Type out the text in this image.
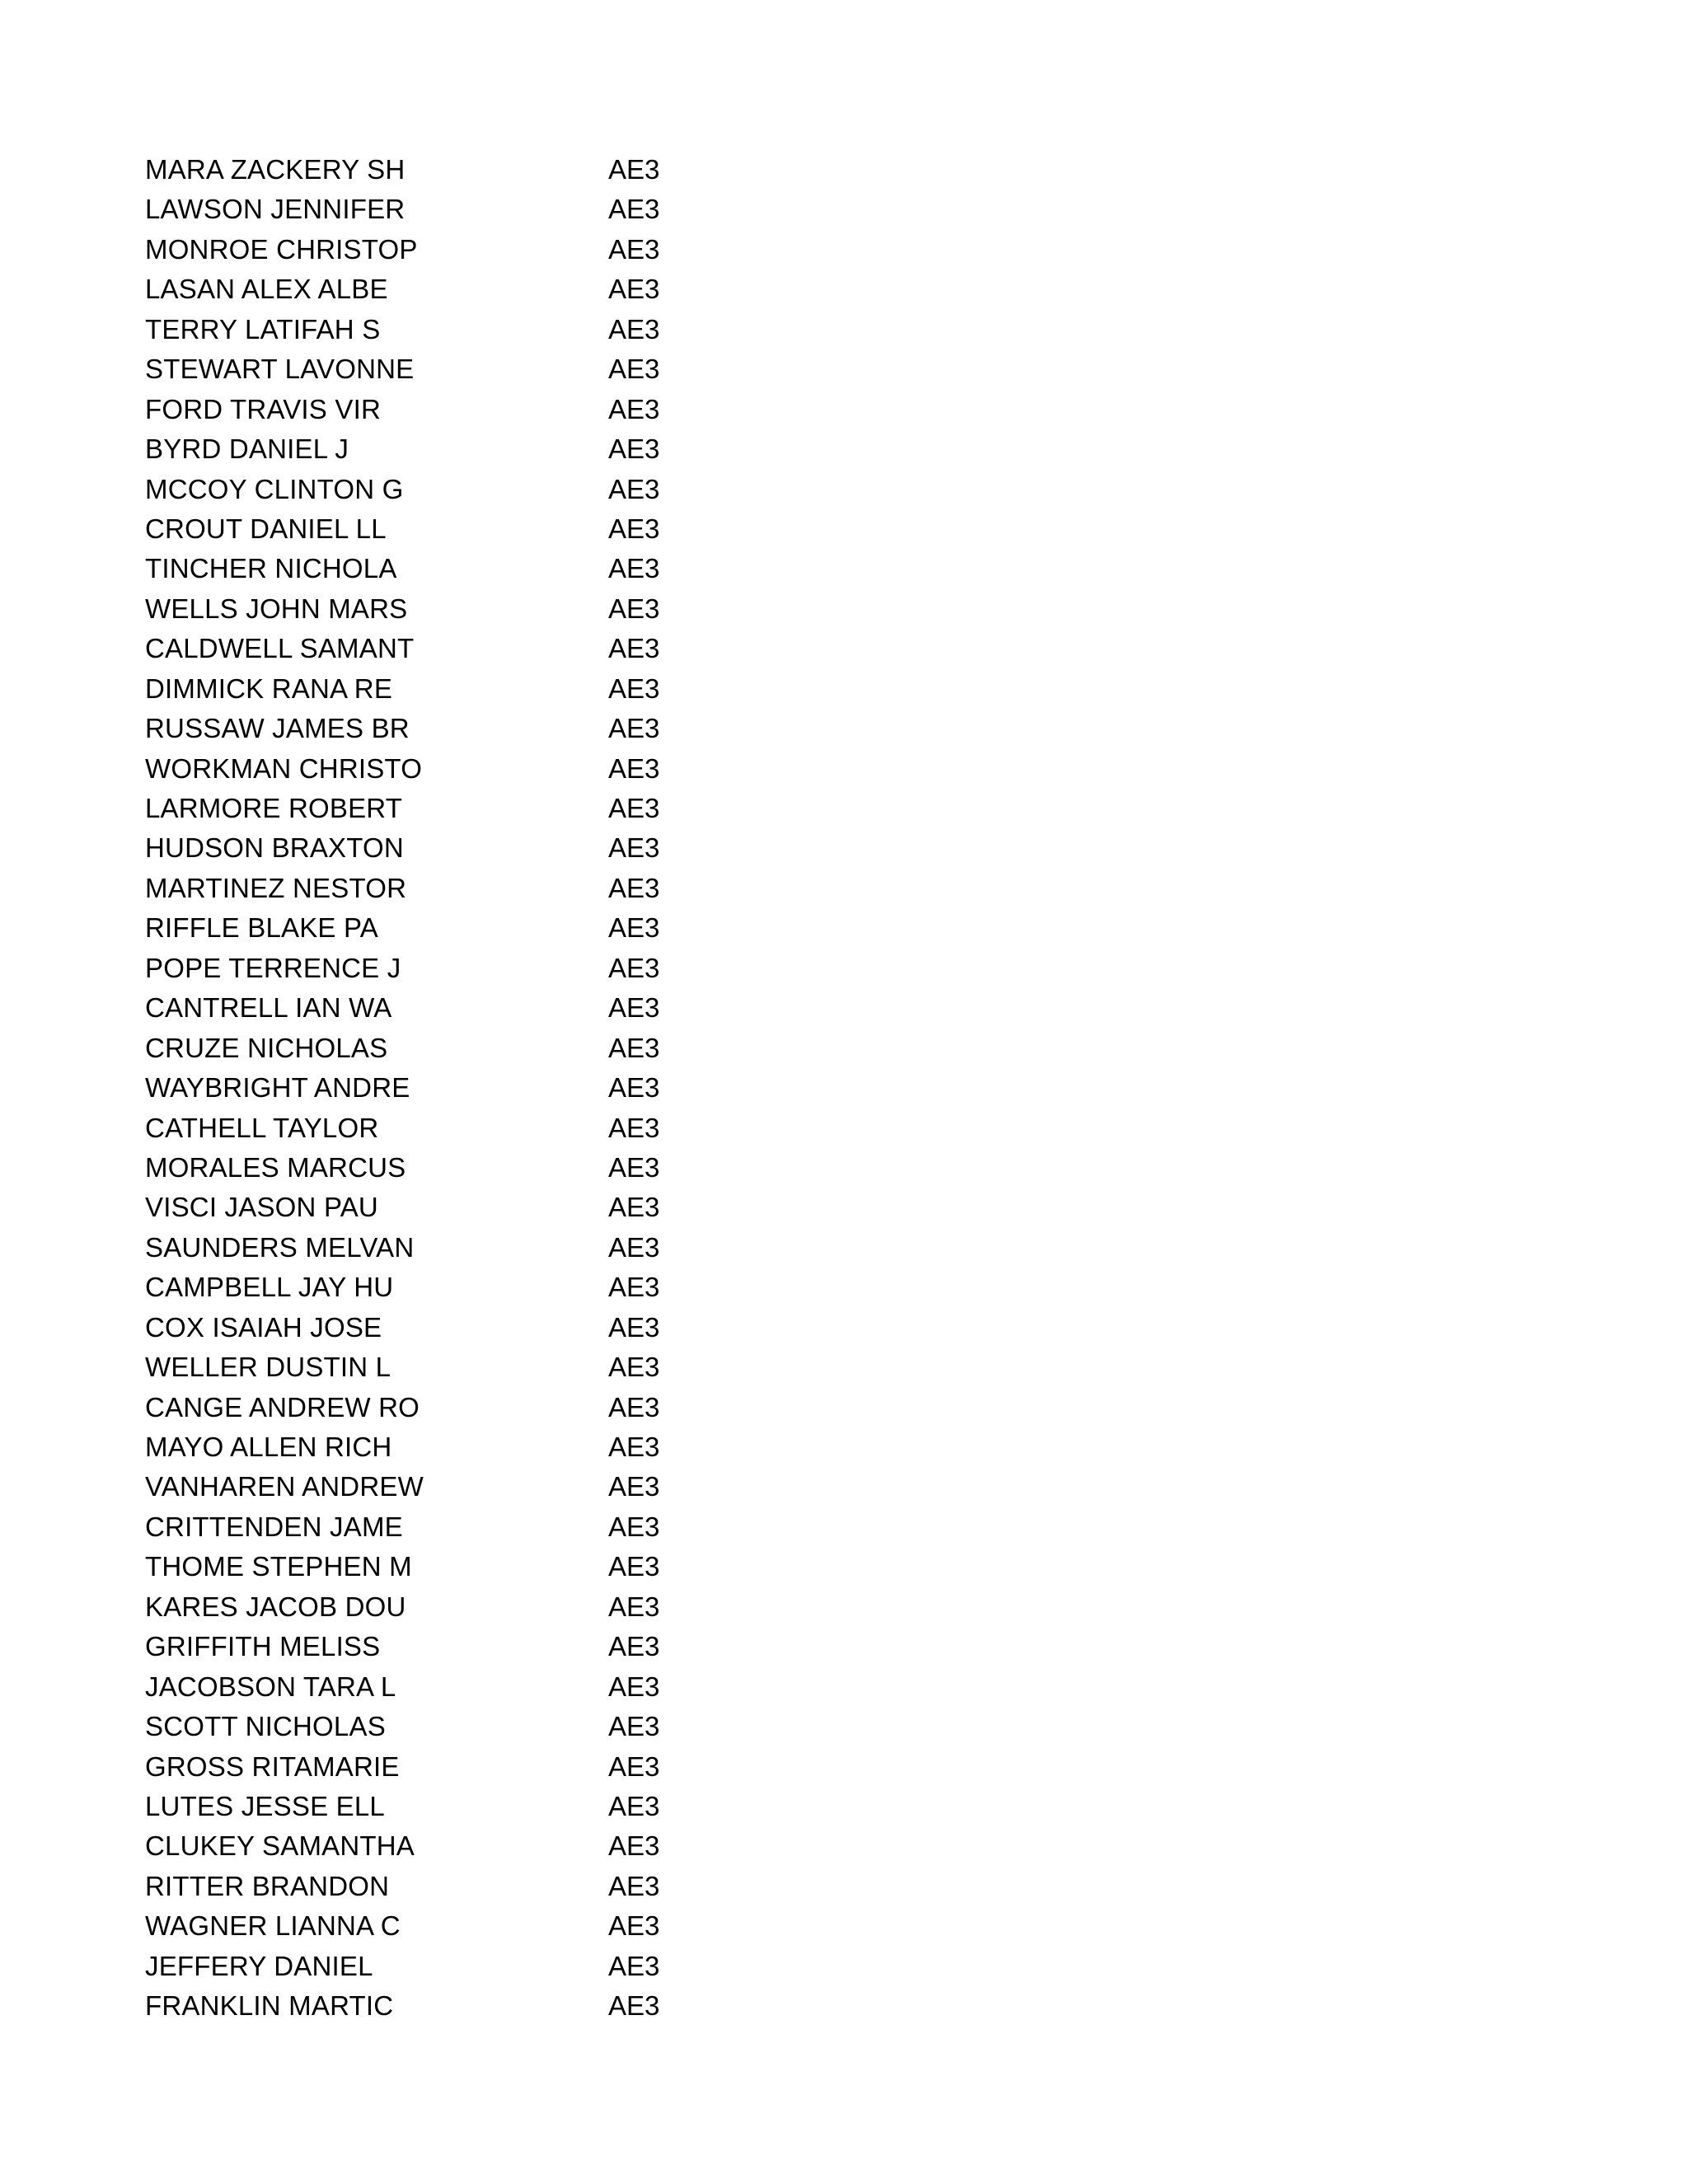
MARA ZACKERY SH	AE3
LAWSON JENNIFER	AE3
MONROE CHRISTOP	AE3
LASAN ALEX ALBE	AE3
TERRY LATIFAH S	AE3
STEWART LAVONNE	AE3
FORD TRAVIS VIR	AE3
BYRD DANIEL J	AE3
MCCOY CLINTON G	AE3
CROUT DANIEL LL	AE3
TINCHER NICHOLA	AE3
WELLS JOHN MARS	AE3
CALDWELL SAMANT	AE3
DIMMICK RANA RE	AE3
RUSSAW JAMES BR	AE3
WORKMAN CHRISTO	AE3
LARMORE ROBERT	AE3
HUDSON BRAXTON	AE3
MARTINEZ NESTOR	AE3
RIFFLE BLAKE PA	AE3
POPE TERRENCE J	AE3
CANTRELL IAN WA	AE3
CRUZE NICHOLAS	AE3
WAYBRIGHT ANDRE	AE3
CATHELL TAYLOR	AE3
MORALES MARCUS	AE3
VISCI JASON PAU	AE3
SAUNDERS MELVAN	AE3
CAMPBELL JAY HU	AE3
COX ISAIAH JOSE	AE3
WELLER DUSTIN L	AE3
CANGE ANDREW RO	AE3
MAYO ALLEN RICH	AE3
VANHAREN ANDREW	AE3
CRITTENDEN JAME	AE3
THOME STEPHEN M	AE3
KARES JACOB DOU	AE3
GRIFFITH MELISS	AE3
JACOBSON TARA L	AE3
SCOTT NICHOLAS	AE3
GROSS RITAMARIE	AE3
LUTES JESSE ELL	AE3
CLUKEY SAMANTHA	AE3
RITTER BRANDON	AE3
WAGNER LIANNA C	AE3
JEFFERY DANIEL	AE3
FRANKLIN MARTIC	AE3
